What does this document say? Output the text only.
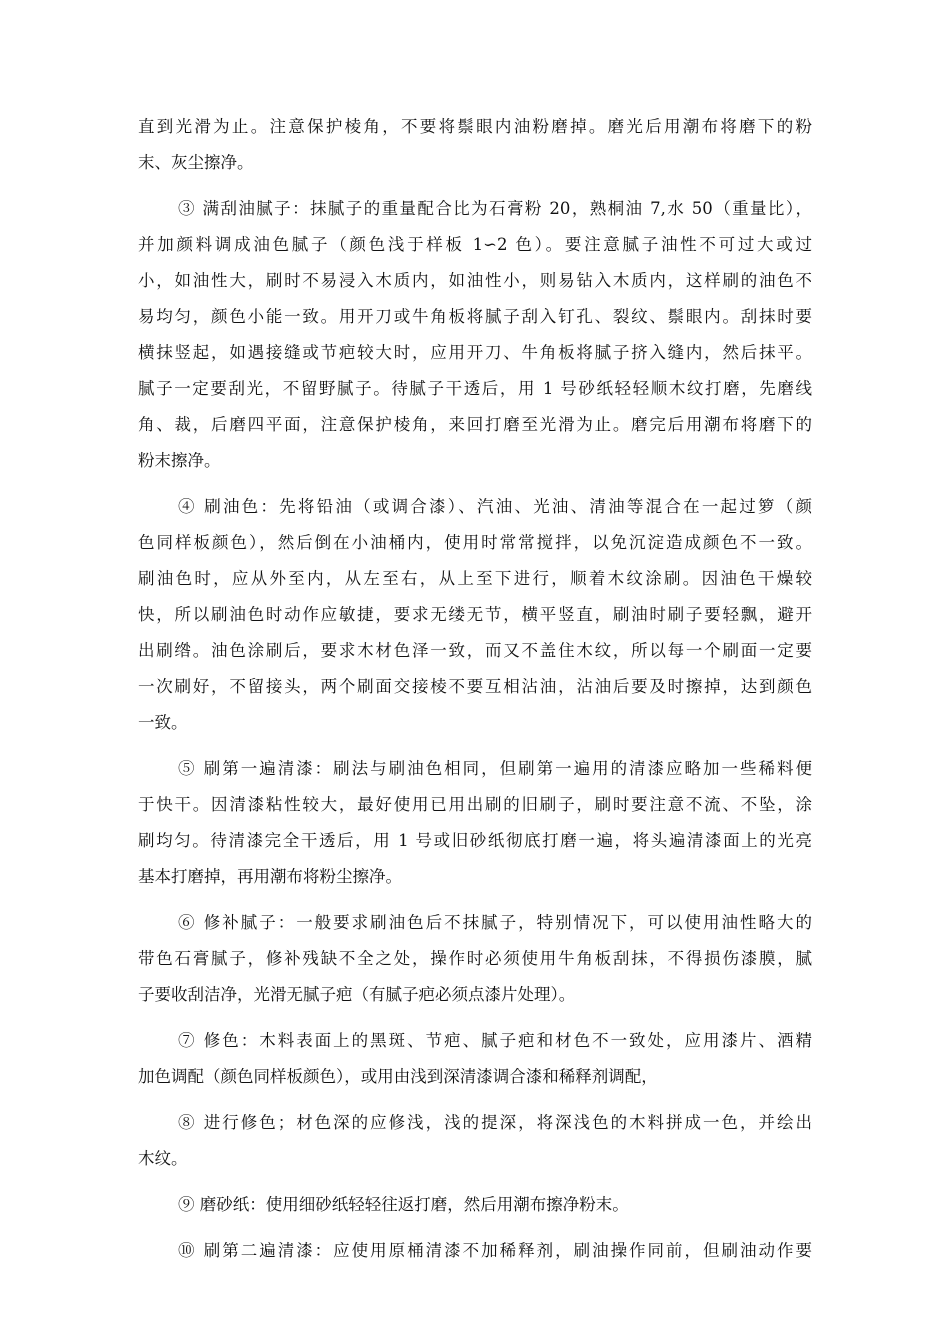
直到光滑为止。注意保护棱角，不要将鬃眼内油粉磨掉。磨光后用潮布将磨下的粉
末、灰尘擦净。
③ 满刮油腻子：抹腻子的重量配合比为石膏粉 20，熟桐油 7,水 50（重量比），
并加颜料调成油色腻子（颜色浅于样板 1∽2 色）。要注意腻子油性不可过大或过
小，如油性大，刷时不易浸入木质内，如油性小，则易钻入木质内，这样刷的油色不
易均匀，颜色小能一致。用开刀或牛角板将腻子刮入钉孔、裂纹、鬃眼内。刮抹时要
横抹竖起，如遇接缝或节疤较大时，应用开刀、牛角板将腻子挤入缝内，然后抹平。
腻子一定要刮光，不留野腻子。待腻子干透后，用 1 号砂纸轻轻顺木纹打磨，先磨线
角、裁，后磨四平面，注意保护棱角，来回打磨至光滑为止。磨完后用潮布将磨下的
粉末擦净。
④ 刷油色：先将铅油（或调合漆）、汽油、光油、清油等混合在一起过箩（颜
色同样板颜色），然后倒在小油桶内，使用时常常搅拌，以免沉淀造成颜色不一致。
刷油色时，应从外至内，从左至右，从上至下进行，顺着木纹涂刷。因油色干燥较
快，所以刷油色时动作应敏捷，要求无缕无节，横平竖直，刷油时刷子要轻飘，避开
出刷绺。油色涂刷后，要求木材色泽一致，而又不盖住木纹，所以每一个刷面一定要
一次刷好，不留接头，两个刷面交接棱不要互相沾油，沾油后要及时擦掉，达到颜色
一致。
⑤ 刷第一遍清漆：刷法与刷油色相同，但刷第一遍用的清漆应略加一些稀料便
于快干。因清漆粘性较大，最好使用已用出刷的旧刷子，刷时要注意不流、不坠，涂
刷均匀。待清漆完全干透后，用 1 号或旧砂纸彻底打磨一遍，将头遍清漆面上的光亮
基本打磨掉，再用潮布将粉尘擦净。
⑥ 修补腻子：一般要求刷油色后不抹腻子，特别情况下，可以使用油性略大的
带色石膏腻子，修补残缺不全之处，操作时必须使用牛角板刮抹，不得损伤漆膜，腻
子要收刮洁净，光滑无腻子疤（有腻子疤必须点漆片处理）。
⑦ 修色：木料表面上的黑斑、节疤、腻子疤和材色不一致处，应用漆片、酒精
加色调配（颜色同样板颜色），或用由浅到深清漆调合漆和稀释剂调配，
⑧ 进行修色；材色深的应修浅，浅的提深，将深浅色的木料拼成一色，并绘出
木纹。
⑨ 磨砂纸：使用细砂纸轻轻往返打磨，然后用潮布擦净粉末。
⑩ 刷第二遍清漆：应使用原桶清漆不加稀释剂，刷油操作同前，但刷油动作要
